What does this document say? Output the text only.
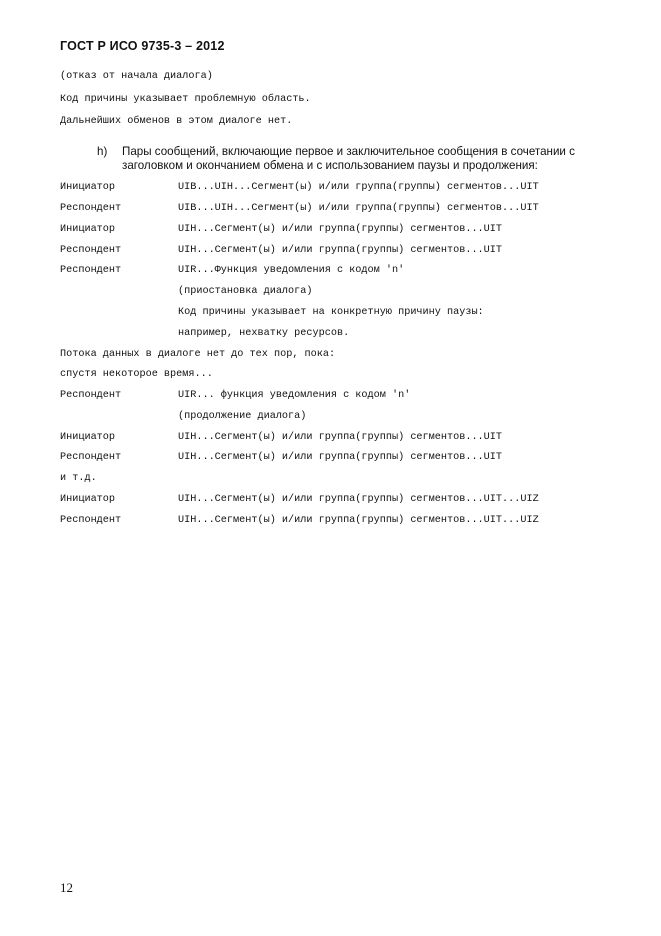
ГОСТ Р ИСО 9735-3 – 2012
(отказ от начала диалога)
Код причины указывает проблемную область.
Дальнейших обменов в этом диалоге нет.
h) Пары сообщений, включающие первое и заключительное сообщения в сочетании с заголовком и окончанием обмена и с использованием паузы и продолжения:
Инициатор	UIB...UIH...Сегмент(ы) и/или группа(группы) сегментов...UIT
Респондент	UIB...UIH...Сегмент(ы) и/или группа(группы) сегментов...UIT
Инициатор	UIH...Сегмент(ы) и/или группа(группы) сегментов...UIT
Респондент	UIH...Сегмент(ы) и/или группа(группы) сегментов...UIT
Респондент	UIR...Функция уведомления с кодом 'n'
(приостановка диалога)
Код причины указывает на конкретную причину паузы:
например, нехватку ресурсов.
Потока данных в диалоге нет до тех пор, пока:
спустя некоторое время...
Респондент	UIR... функция уведомления с кодом 'n'
(продолжение диалога)
Инициатор	UIH...Сегмент(ы) и/или группа(группы) сегментов...UIT
Респондент	UIH...Сегмент(ы) и/или группа(группы) сегментов...UIT
и т.д.
Инициатор	UIH...Сегмент(ы) и/или группа(группы) сегментов...UIT...UIZ
Респондент	UIH...Сегмент(ы) и/или группа(группы) сегментов...UIT...UIZ
12
